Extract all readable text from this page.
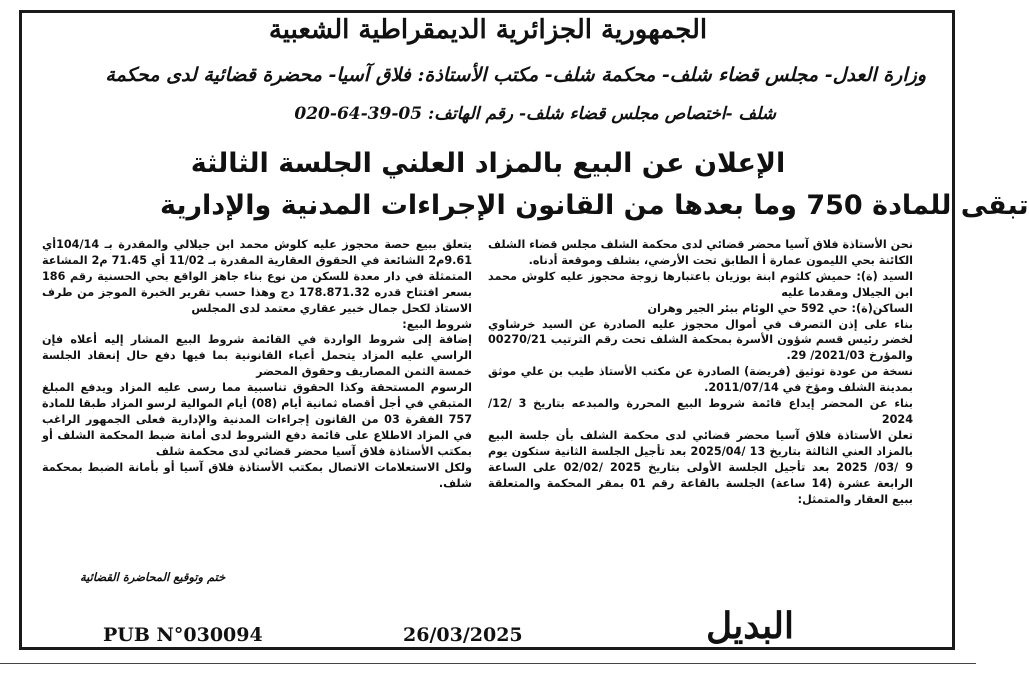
الجمهورية الجزائرية الديمقراطية الشعبية
وزارة العدل- مجلس قضاء شلف- محكمة شلف- مكتب الأستاذة: فلاق آسيا- محضرة قضائية لدى محكمة
شلف -اختصاص مجلس قضاء شلف- رقم الهاتف: 05-39-64-020
الإعلان عن البيع بالمزاد العلني الجلسة الثالثة
تبقى للمادة 750 وما بعدها من القانون الإجراءات المدنية والإدارية

نحن الأستاذة فلاق آسيا محضر قضائي لدى محكمة الشلف مجلس قضاء الشلف الكائنة بحي الليمون عمارة أ الطابق تحت الأرضي، بشلف وموقعة أدناه.

السيد (ة): حميش كلثوم ابنة بوزيان باعتبارها زوجة محجوز عليه كلوش محمد ابن الجيلال ومقدما عليه

الساكن(ة): حي 592 حي الوئام ببئر الجير وهران

بناء على إذن التصرف في أموال محجوز عليه الصادرة عن السيد خرشاوي لخضر رئيس قسم شؤون الأسرة بمحكمة الشلف تحت رقم الترتيب 00270/21 والمؤرخ 2021/03/ 29.

نسخة من عودة توثيق (فريضة) الصادرة عن مكتب الأستاذ طيب بن علي موثق بمدينة الشلف ومؤخ في 2011/07/14.

بناء عن المحضر إيداع قائمة شروط البيع المحررة والمبدعه بتاريخ 3 /12/ 2024

تعلن الأستاذة فلاق آسيا محضر قضائي لدى محكمة الشلف بأن جلسة البيع بالمزاد العني الثالثة بتاريخ 13 /2025/04 بعد تأجيل الجلسة الثانية ستكون يوم 9 /03/ 2025 بعد تأجيل الجلسة الأولى بتاريخ 2025 /02/02 على الساعة الرابعة عشرة (14 ساعة) الجلسة بالقاعة رقم 01 بمقر المحكمة والمتعلقة ببيع العقار والمتمثل:

يتعلق ببيع حصة محجوز عليه كلوش محمد ابن جيلالي والمقدرة بـ 104/14أي 9.61م2 الشائعة في الحقوق العقارية المقدرة بـ 11/02 أي 71.45 م2 المشاعة المتمثلة في دار معدة للسكن من نوع بناء جاهز الواقع بحي الحسنية رقم 186 بسعر افتتاح قدره 178.871.32 دج وهذا حسب تقرير الخبرة الموجز من طرف الاستاذ لكحل جمال خبير عقاري معتمد لدى المجلس

شروط البيع:

إضافة إلى شروط الواردة في القائمة شروط البيع المشار إليه أعلاه فإن الراسي عليه المزاد يتحمل أعباء القانونية بما فيها دفع حال إنعقاد الجلسة خمسة الثمن المصاريف وحقوق المحضر

الرسوم المستحقة وكذا الحقوق تناسبية مما رسى عليه المزاد ويدفع المبلغ المتبقي في أجل أقصاه ثمانية أيام (08) أيام الموالية لرسو المزاد طبقا للمادة 757 الفقرة 03 من القانون إجراءات المدنية والإدارية فعلى الجمهور الراغب في المزاد الاطلاع على قائمة دفع الشروط لدى أمانة ضبط المحكمة الشلف أو بمكتب الأستاذة فلاق آسيا محضر قضائي لدى محكمة شلف

ولكل الاستعلامات الاتصال بمكتب الأستاذة فلاق آسيا أو بأمانة الضبط بمحكمة شلف.

ختم وتوقيع المحاضرة القضائية
PUB N°030094	26/03/2025	البديل
